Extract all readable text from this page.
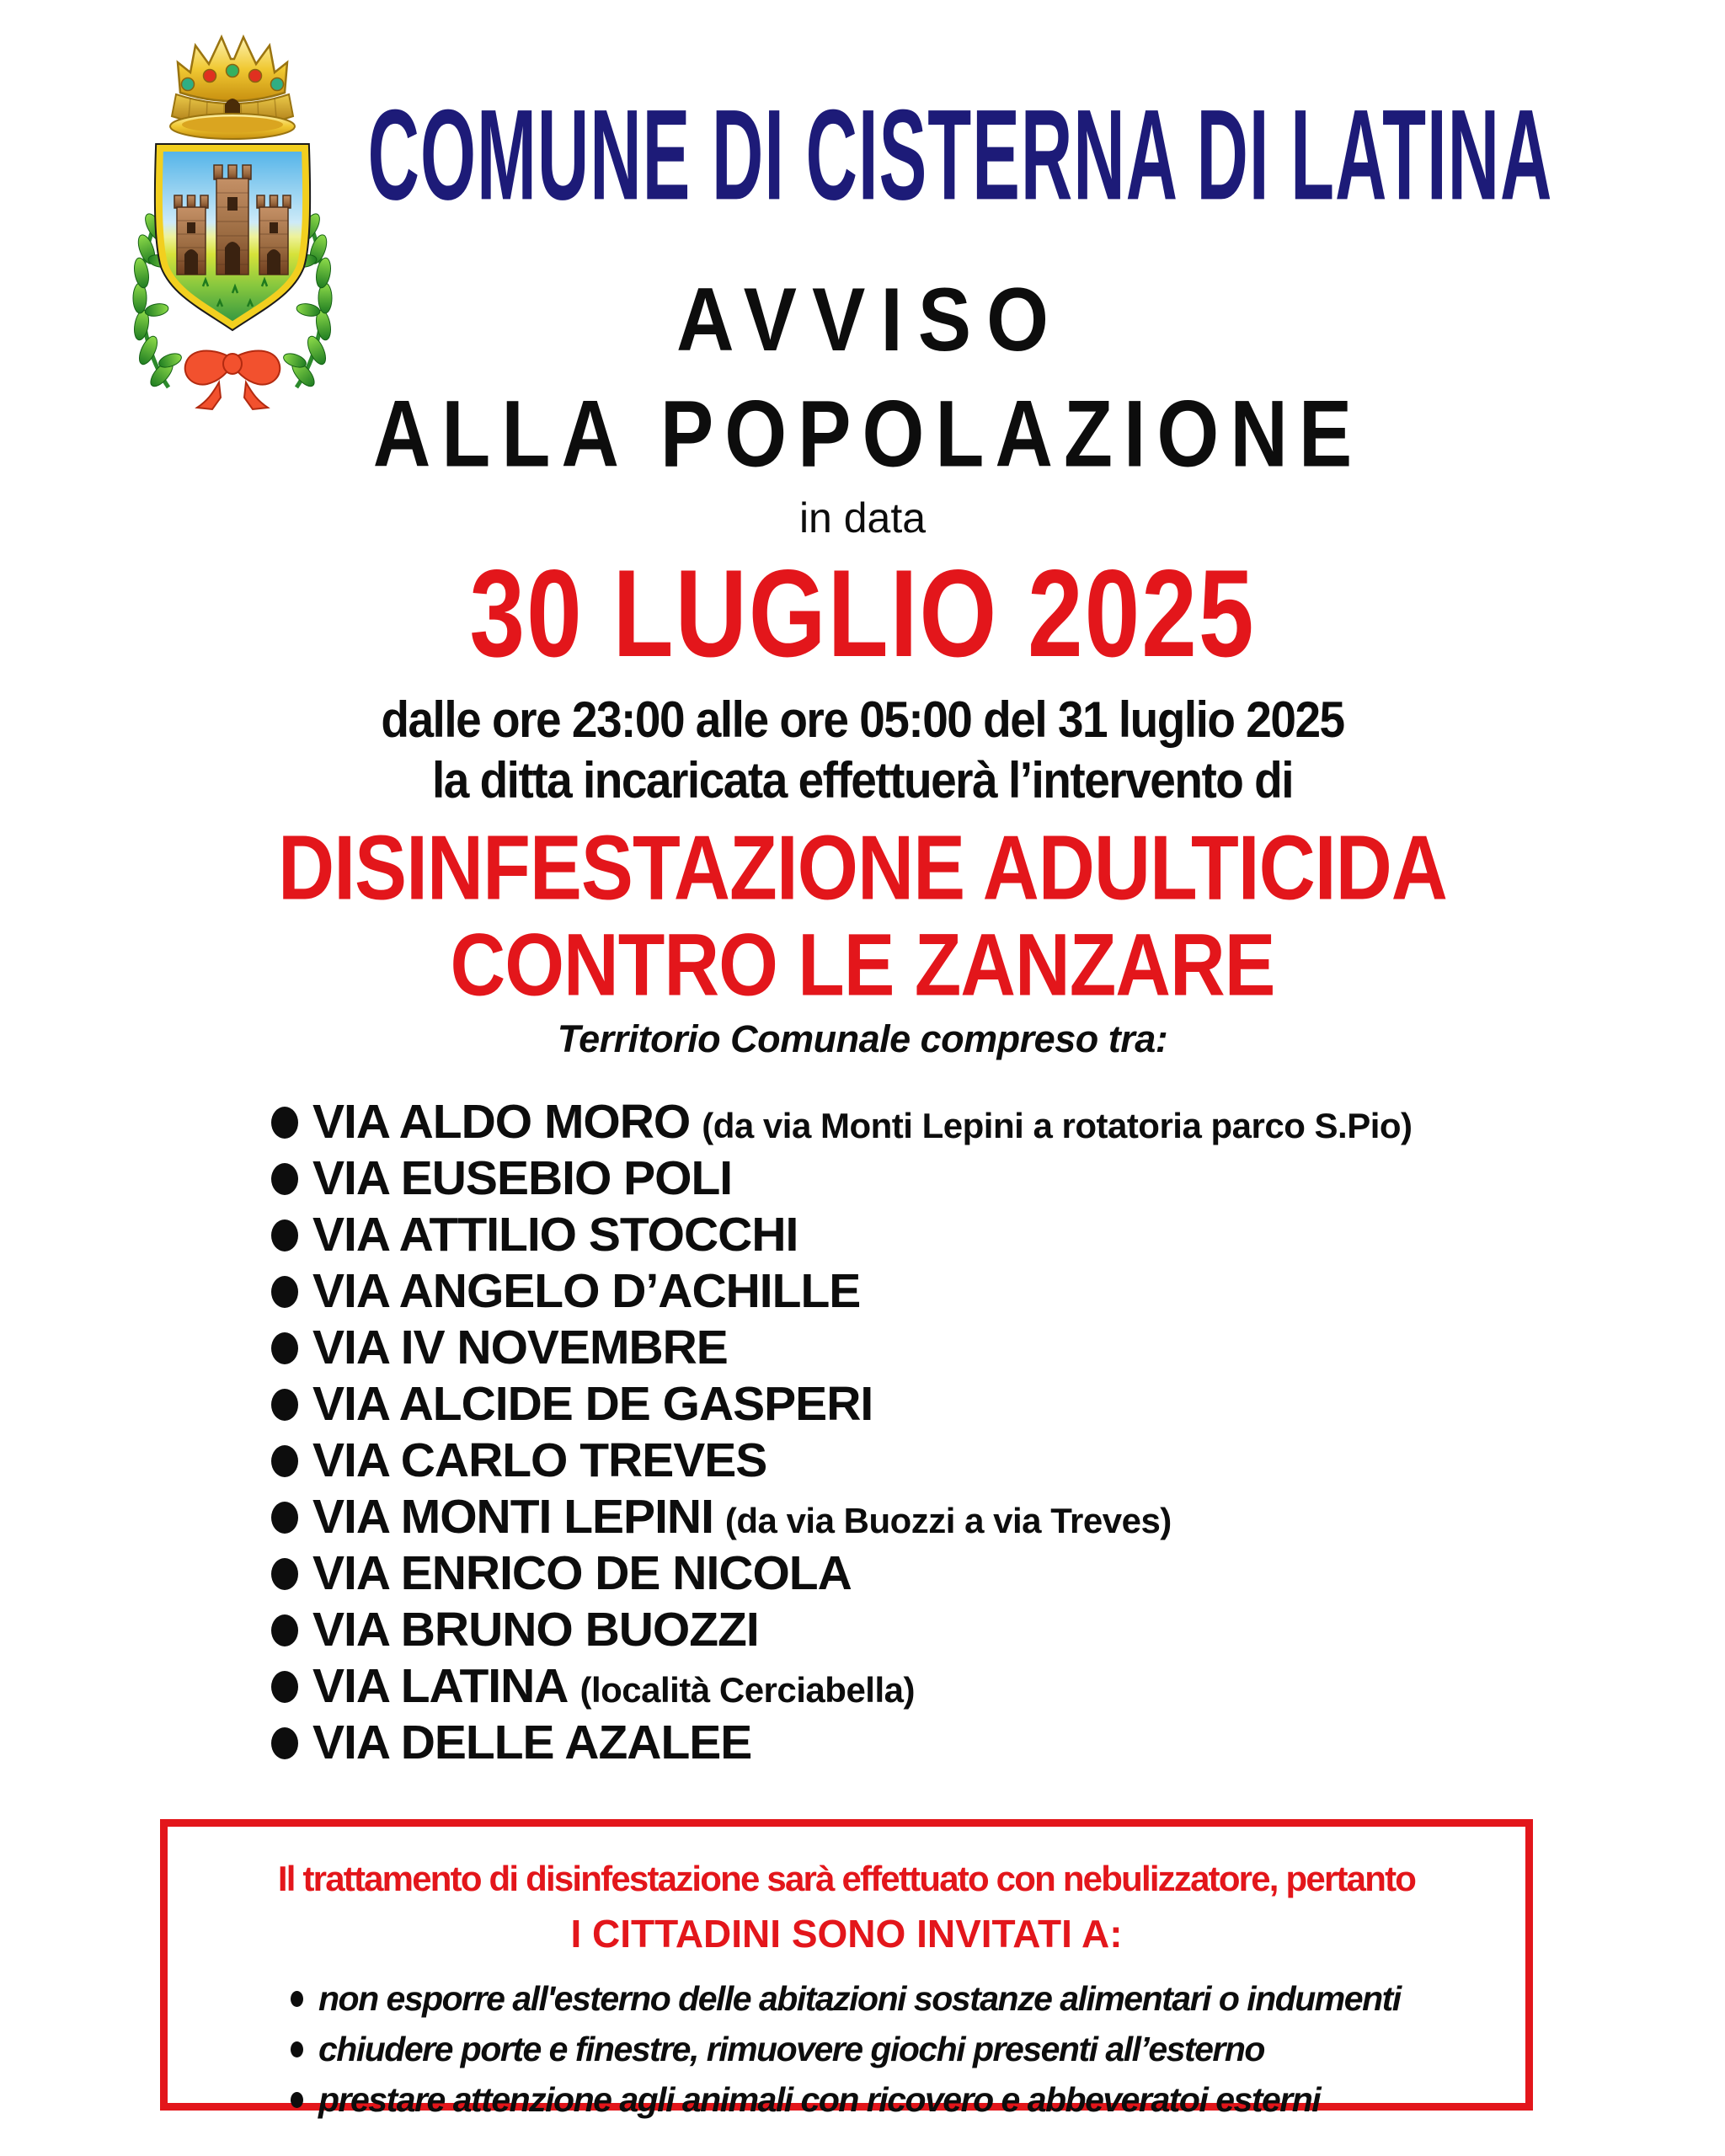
COMUNE DI CISTERNA DI LATINA
AVVISO
ALLA POPOLAZIONE
in data
30 LUGLIO 2025
dalle ore 23:00 alle ore 05:00 del 31 luglio 2025
la ditta incaricata effettuerà l’intervento di
DISINFESTAZIONE ADULTICIDA
CONTRO LE ZANZARE
Territorio Comunale compreso tra:
VIA ALDO MORO (da via Monti Lepini a rotatoria parco S.Pio)
VIA EUSEBIO POLI
VIA ATTILIO STOCCHI
VIA ANGELO D’ACHILLE
VIA IV NOVEMBRE
VIA ALCIDE DE GASPERI
VIA CARLO TREVES
VIA MONTI LEPINI (da via Buozzi a via Treves)
VIA ENRICO DE NICOLA
VIA BRUNO BUOZZI
VIA LATINA (località Cerciabella)
VIA DELLE AZALEE
Il trattamento di disinfestazione sarà effettuato con nebulizzatore, pertanto
I CITTADINI SONO INVITATI A:
non esporre all'esterno delle abitazioni sostanze alimentari o indumenti
chiudere porte e finestre, rimuovere giochi presenti all’esterno
prestare attenzione agli animali con ricovero e abbeveratoi esterni
